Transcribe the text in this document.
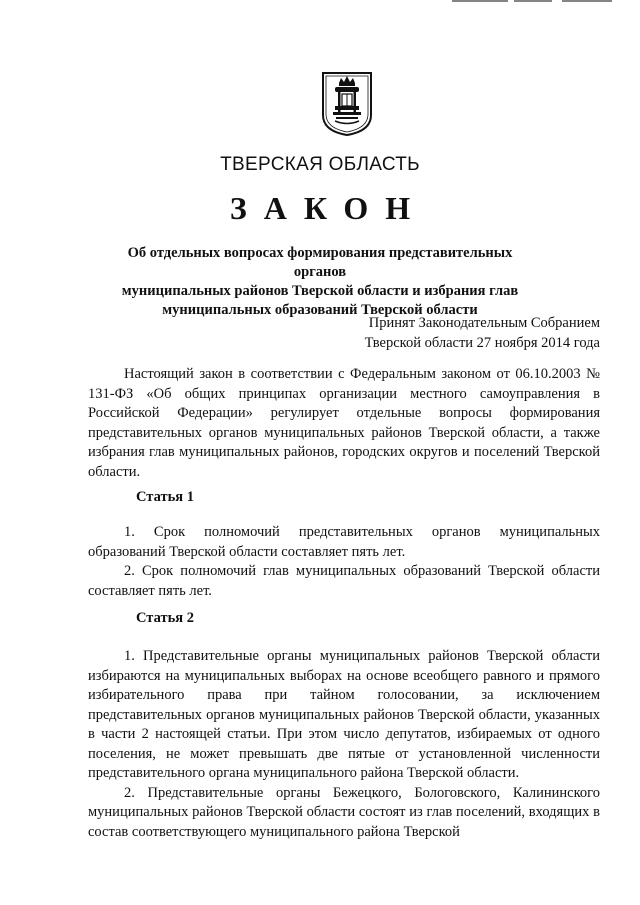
ТВЕРСКАЯ ОБЛАСТЬ
ЗАКОН
Об отдельных вопросах формирования представительных органов
муниципальных районов Тверской области и избрания глав
муниципальных образований Тверской области
Принят Законодательным Собранием
Тверской области 27 ноября 2014 года

Настоящий закон в соответствии с Федеральным законом от 06.10.2003 № 131-ФЗ «Об общих принципах организации местного самоуправления в Российской Федерации» регулирует отдельные вопросы формирования представительных органов муниципальных районов Тверской области, а также избрания глав муниципальных районов, городских округов и поселений Тверской области.

Статья 1

1. Срок полномочий представительных органов муниципальных образований Тверской области составляет пять лет.

2. Срок полномочий глав муниципальных образований Тверской области составляет пять лет.

Статья 2

1. Представительные органы муниципальных районов Тверской области избираются на муниципальных выборах на основе всеобщего равного и прямого избирательного права при тайном голосовании, за исключением представительных органов муниципальных районов Тверской области, указанных в части 2 настоящей статьи. При этом число депутатов, избираемых от одного поселения, не может превышать две пятые от установленной численности представительного органа муниципального района Тверской области.

2. Представительные органы Бежецкого, Бологовского, Калининского муниципальных районов Тверской области состоят из глав поселений, входящих в состав соответствующего муниципального района Тверской
